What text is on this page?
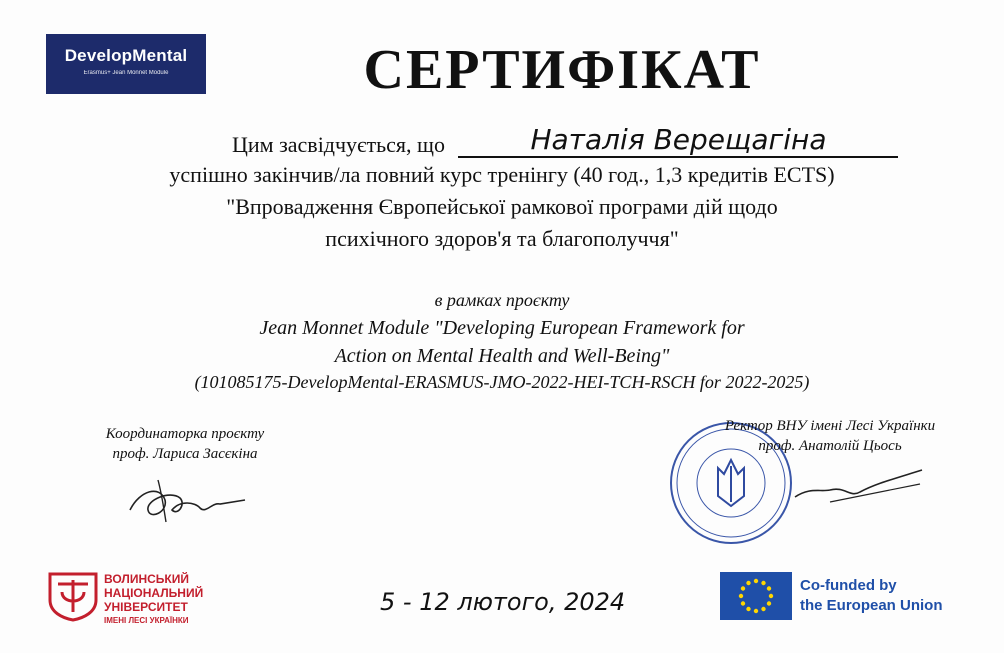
DevelopMental
Erasmus+ Jean Monnet Module	СЕРТИФІКАТ
Цим засвідчується, що	Наталія Верещагіна
успішно закінчив/ла повний курс тренінгу (40 год., 1,3 кредитів ECTS)
"Впровадження Європейської рамкової програми дій щодо
психічного здоров'я та благополуччя"
в рамках проєкту
Jean Monnet Module "Developing European Framework for
Action on Mental Health and Well-Being"
(101085175-DevelopMental-ERASMUS-JMO-2022-HEI-TCH-RSCH for 2022-2025)
Координаторка проєкту
проф. Лариса Засєкіна
Ректор ВНУ імені Лесі Українки
проф. Анатолій Цьось
ВОЛИНСЬКИЙ
НАЦІОНАЛЬНИЙ
УНІВЕРСИТЕТ
ІМЕНІ ЛЕСІ УКРАЇНКИ
5 - 12 лютого, 2024
Co-funded by
the European Union
